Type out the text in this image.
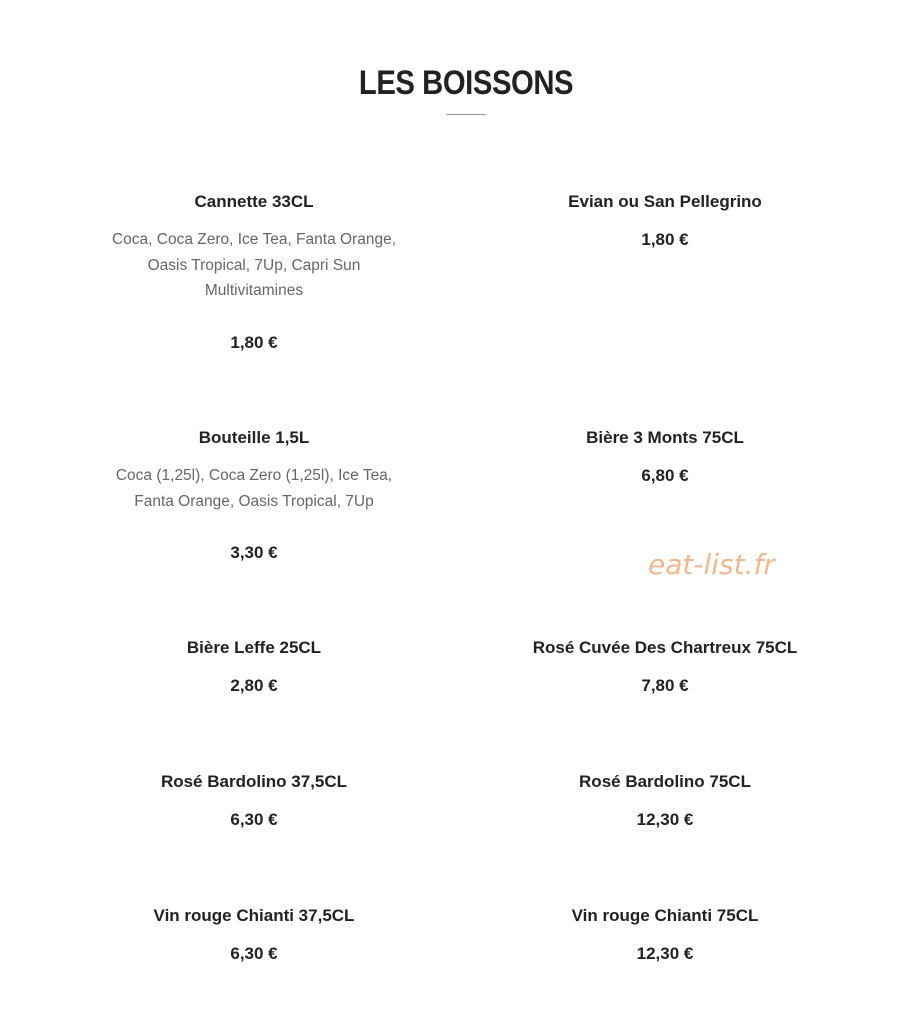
LES BOISSONS

Cannette 33CL

Coca, Coca Zero, Ice Tea, Fanta Orange, Oasis Tropical, 7Up, Capri Sun Multivitamines

1,80 €

Evian ou San Pellegrino

1,80 €

Bouteille 1,5L

Coca (1,25l), Coca Zero (1,25l), Ice Tea, Fanta Orange, Oasis Tropical, 7Up

3,30 €

Bière 3 Monts 75CL

6,80 €

eat-list.fr

Bière Leffe 25CL

2,80 €

Rosé Cuvée Des Chartreux 75CL

7,80 €

Rosé Bardolino 37,5CL

6,30 €

Rosé Bardolino 75CL

12,30 €

Vin rouge Chianti 37,5CL

6,30 €

Vin rouge Chianti 75CL

12,30 €
